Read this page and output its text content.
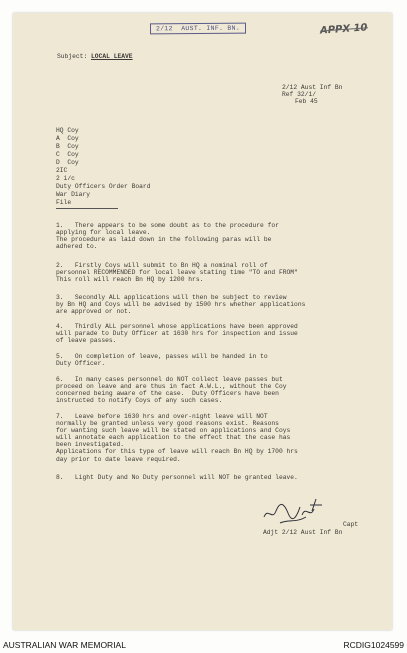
2/12  AUST. INF. BN.	APPX 10
Subject: LOCAL LEAVE
2/12 Aust Inf Bn
Ref 32/1/
Feb 45
HQ Coy
A  Coy
B  Coy
C  Coy
D  Coy
2IC
2 i/c
Duty Officers Order Board
War Diary
File
1.   There appears to be some doubt as to the procedure for
applying for local leave.
The procedure as laid down in the following paras will be
adhered to.
2.   Firstly Coys will submit to Bn HQ a nominal roll of
personnel RECOMMENDED for local leave stating time "TO and FROM"
This roll will reach Bn HQ by 1200 hrs.
3.   Secondly ALL applications will then be subject to review
by Bn HQ and Coys will be advised by 1500 hrs whether applications
are approved or not.
4.   Thirdly ALL personnel whose applications have been approved
will parade to Duty Officer at 1630 hrs for inspection and issue
of leave passes.
5.   On completion of leave, passes will be handed in to
Duty Officer.
6.   In many cases personnel do NOT collect leave passes but
proceed on leave and are thus in fact A.W.L., without the Coy
concerned being aware of the case.  Duty Officers have been
instructed to notify Coys of any such cases.
7.   Leave before 1630 hrs and over-night leave will NOT
normally be granted unless very good reasons exist. Reasons
for wanting such leave will be stated on applications and Coys
will annotate each application to the effect that the case has
been investigated.
Applications for this type of leave will reach Bn HQ by 1700 hrs
day prior to date leave required.
8.   Light Duty and No Duty personnel will NOT be granted leave.
Capt
Adjt 2/12 Aust Inf Bn
AUSTRALIAN WAR MEMORIAL	RCDIG1024599
